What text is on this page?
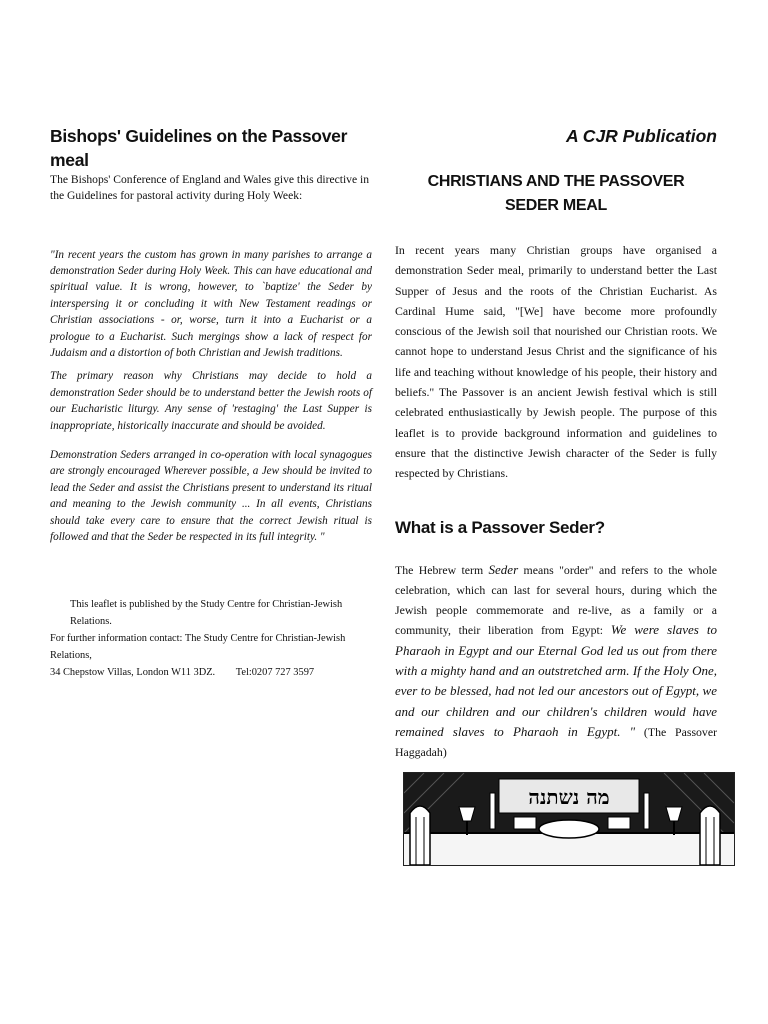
Bishops' Guidelines on the Passover meal

The Bishops' Conference of England and Wales give this directive in the Guidelines for pastoral activity during Holy Week:

"In recent years the custom has grown in many parishes to arrange a demonstration Seder during Holy Week. This can have educational and spiritual value. It is wrong, however, to `baptize' the Seder by interspersing it or concluding it with New Testament readings or Christian associations - or, worse, turn it into a Eucharist or a prologue to a Eucharist. Such mergings show a lack of respect for Judaism and a distortion of both Christian and Jewish traditions.

The primary reason why Christians may decide to hold a demonstration Seder should be to understand better the Jewish roots of our Eucharistic liturgy. Any sense of 'restaging' the Last Supper is inappropriate, historically inaccurate and should be avoided.

Demonstration Seders arranged in co-operation with local synagogues are strongly encouraged Wherever possible, a Jew should be invited to lead the Seder and assist the Christians present to understand its ritual and meaning to the Jewish community ... In all events, Christians should take every care to ensure that the correct Jewish ritual is followed and that the Seder be respected in its full integrity. "

This leaflet is published by the Study Centre for Christian-Jewish Relations.
For further information contact: The Study Centre for Christian-Jewish Relations,
34 Chepstow Villas, London W11 3DZ.        Tel:0207 727 3597

A CJR Publication

CHRISTIANS AND THE PASSOVER
SEDER MEAL

In recent years many Christian groups have organised a demonstration Seder meal, primarily to understand better the Last Supper of Jesus and the roots of the Christian Eucharist. As Cardinal Hume said, "[We] have become more profoundly conscious of the Jewish soil that nourished our Christian roots. We cannot hope to understand Jesus Christ and the significance of his life and teaching without knowledge of his people, their history and beliefs." The Passover is an ancient Jewish festival which is still celebrated enthusiastically by Jewish people. The purpose of this leaflet is to provide background information and guidelines to ensure that the distinctive Jewish character of the Seder is fully respected by Christians.

What is a Passover Seder?

The Hebrew term Seder means "order" and refers to the whole celebration, which can last for several hours, during which the Jewish people commemorate and re-live, as a family or a community, their liberation from Egypt: We were slaves to Pharaoh in Egypt and our Eternal God led us out from there with a mighty hand and an outstretched arm. If the Holy One, ever to be blessed, had not led our ancestors out of Egypt, we and our children and our children's children would have remained slaves to Pharaoh in Egypt. " (The Passover Haggadah)

מה נשתנה
